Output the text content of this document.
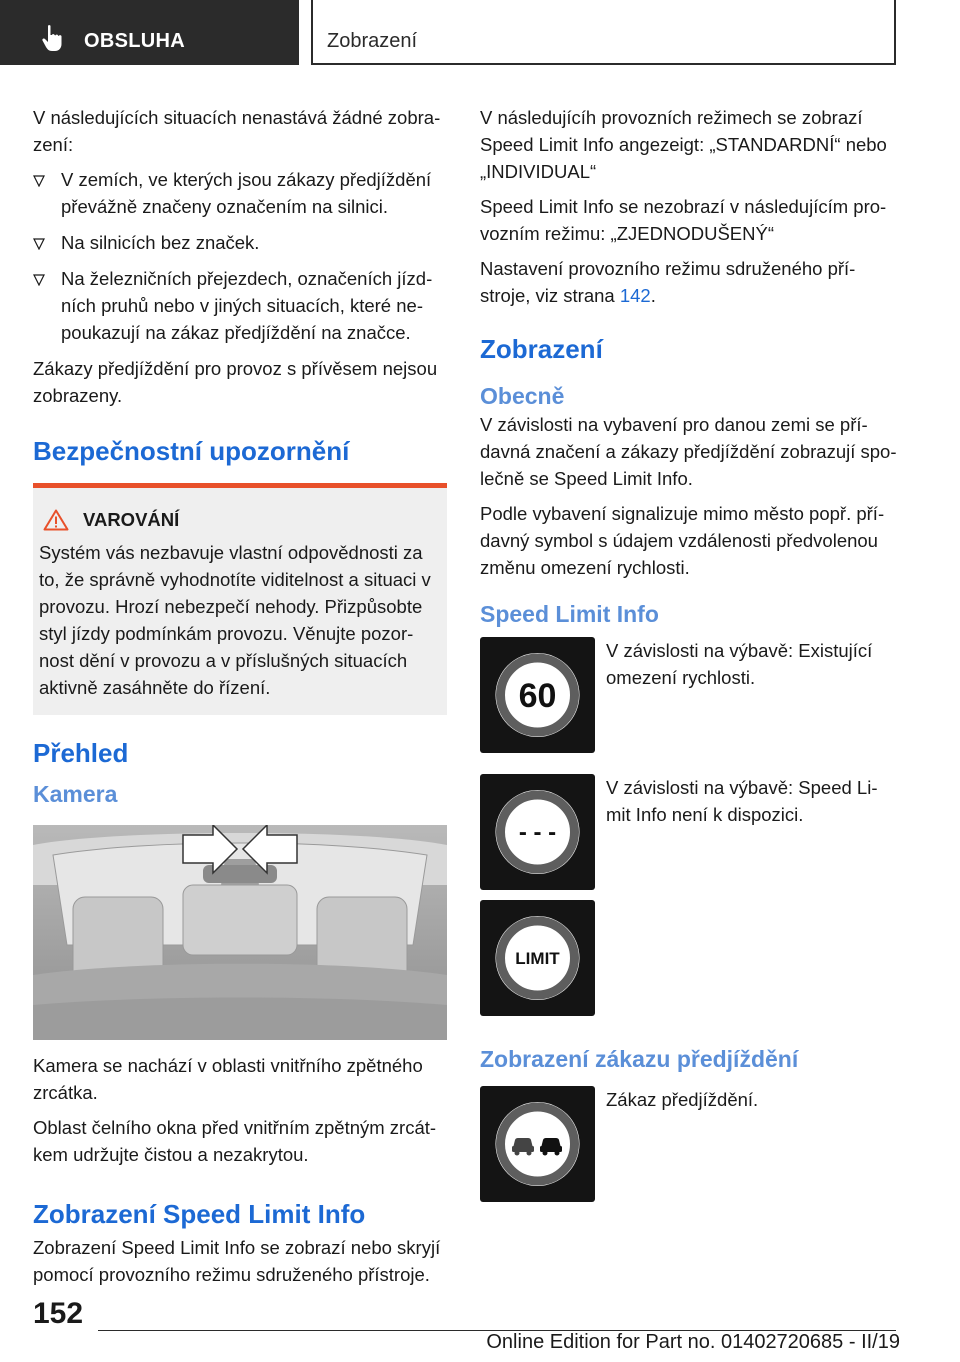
OBSLUHA	Zobrazení

V následujících situacích nenastává žádné zobra-zení:

V zemích, ve kterých jsou zákazy předjíždění převážně značeny označením na silnici.
Na silnicích bez značek.
Na železničních přejezdech, označeních jízd-ních pruhů nebo v jiných situacích, které ne-poukazují na zákaz předjíždění na značce.

Zákazy předjíždění pro provoz s přívěsem nejsou zobrazeny.

Bezpečnostní upozornění
VAROVÁNÍ

Systém vás nezbavuje vlastní odpovědnosti za to, že správně vyhodnotíte viditelnost a situaci v provozu. Hrozí nebezpečí nehody. Přizpůsobte styl jízdy podmínkám provozu. Věnujte pozor-nost dění v provozu a v příslušných situacích aktivně zasáhněte do řízení.

Přehled
Kamera

Kamera se nachází v oblasti vnitřního zpětného zrcátka.

Oblast čelního okna před vnitřním zpětným zrcát-kem udržujte čistou a nezakrytou.

Zobrazení Speed Limit Info

Zobrazení Speed Limit Info se zobrazí nebo skryjí pomocí provozního režimu sdruženého přístroje.

V následujícíh provozních režimech se zobrazí Speed Limit Info angezeigt: „STANDARDNÍ“ nebo „INDIVIDUAL“

Speed Limit Info se nezobrazí v následujícím pro-vozním režimu: „ZJEDNODUŠENÝ“

Nastavení provozního režimu sdruženého pří-stroje, viz strana 142.

Zobrazení
Obecně

V závislosti na vybavení pro danou zemi se pří-davná značení a zákazy předjíždění zobrazují spo-lečně se Speed Limit Info.

Podle vybavení signalizuje mimo město popř. pří-davný symbol s údajem vzdálenosti předvolenou změnu omezení rychlosti.

Speed Limit Info
60
V závislosti na výbavě: Existující omezení rychlosti.
- - -
V závislosti na výbavě: Speed Li-mit Info není k dispozici.
LIMIT
Zobrazení zákazu předjíždění
Zákaz předjíždění.
152
Online Edition for Part no. 01402720685 - II/19
